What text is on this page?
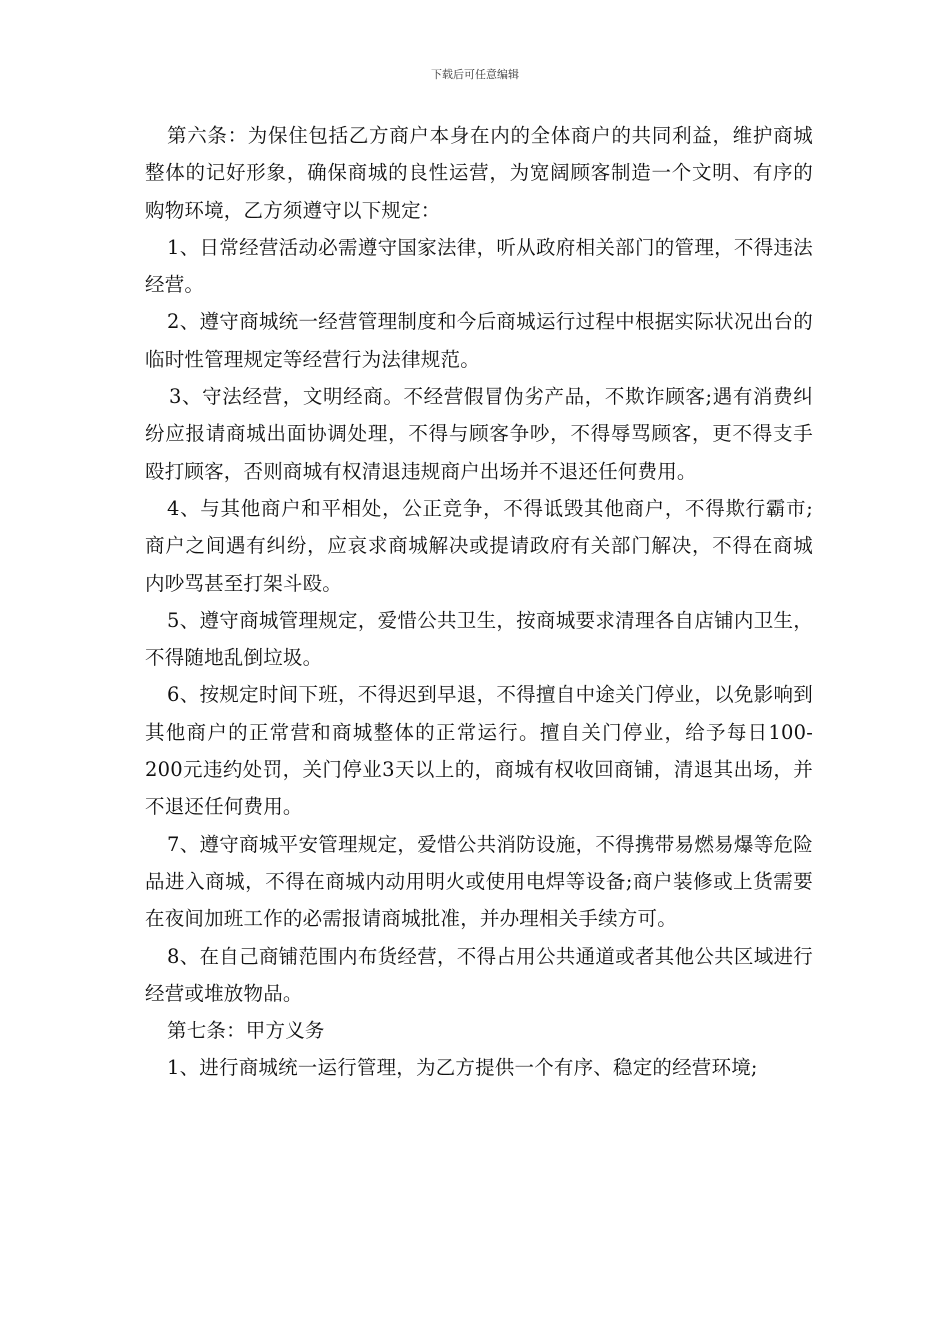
下载后可任意编辑

第六条：为保住包括乙方商户本身在内的全体商户的共同利益，维护商城整体的记好形象，确保商城的良性运营，为宽阔顾客制造一个文明、有序的购物环境，乙方须遵守以下规定：

1、日常经营活动必需遵守国家法律，听从政府相关部门的管理，不得违法经营。

2、遵守商城统一经营管理制度和今后商城运行过程中根据实际状况出台的临时性管理规定等经营行为法律规范。

3、守法经营，文明经商。不经营假冒伪劣产品，不欺诈顾客;遇有消费纠纷应报请商城出面协调处理，不得与顾客争吵，不得辱骂顾客，更不得支手殴打顾客，否则商城有权清退违规商户出场并不退还任何费用。

4、与其他商户和平相处，公正竞争，不得诋毁其他商户，不得欺行霸市;商户之间遇有纠纷，应哀求商城解决或提请政府有关部门解决，不得在商城内吵骂甚至打架斗殴。

5、遵守商城管理规定，爱惜公共卫生，按商城要求清理各自店铺内卫生，不得随地乱倒垃圾。

6、按规定时间下班，不得迟到早退，不得擅自中途关门停业，以免影响到其他商户的正常营和商城整体的正常运行。擅自关门停业，给予每日100-200元违约处罚，关门停业3天以上的，商城有权收回商铺，清退其出场，并不退还任何费用。

7、遵守商城平安管理规定，爱惜公共消防设施，不得携带易燃易爆等危险品进入商城，不得在商城内动用明火或使用电焊等设备;商户装修或上货需要在夜间加班工作的必需报请商城批准，并办理相关手续方可。

8、在自己商铺范围内布货经营，不得占用公共通道或者其他公共区域进行经营或堆放物品。

第七条：甲方义务

1、进行商城统一运行管理，为乙方提供一个有序、稳定的经营环境;
